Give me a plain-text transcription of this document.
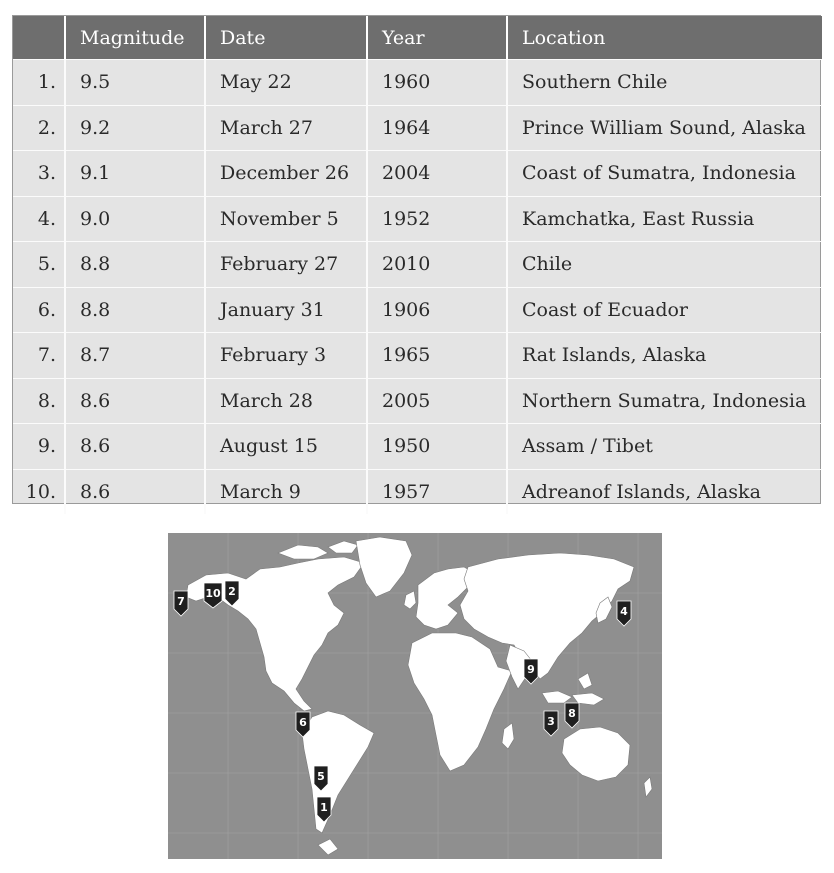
	Magnitude	Date	Year	Location
1.	9.5	May 22	1960	Southern Chile
2.	9.2	March 27	1964	Prince William Sound, Alaska
3.	9.1	December 26	2004	Coast of Sumatra, Indonesia
4.	9.0	November 5	1952	Kamchatka, East Russia
5.	8.8	February 27	2010	Chile
6.	8.8	January 31	1906	Coast of Ecuador
7.	8.7	February 3	1965	Rat Islands, Alaska
8.	8.6	March 28	2005	Northern Sumatra, Indonesia
9.	8.6	August 15	1950	Assam / Tibet
10.	8.6	March 9	1957	Adreanof Islands, Alaska
1
2
3
4
5
6
7
8
9
10
